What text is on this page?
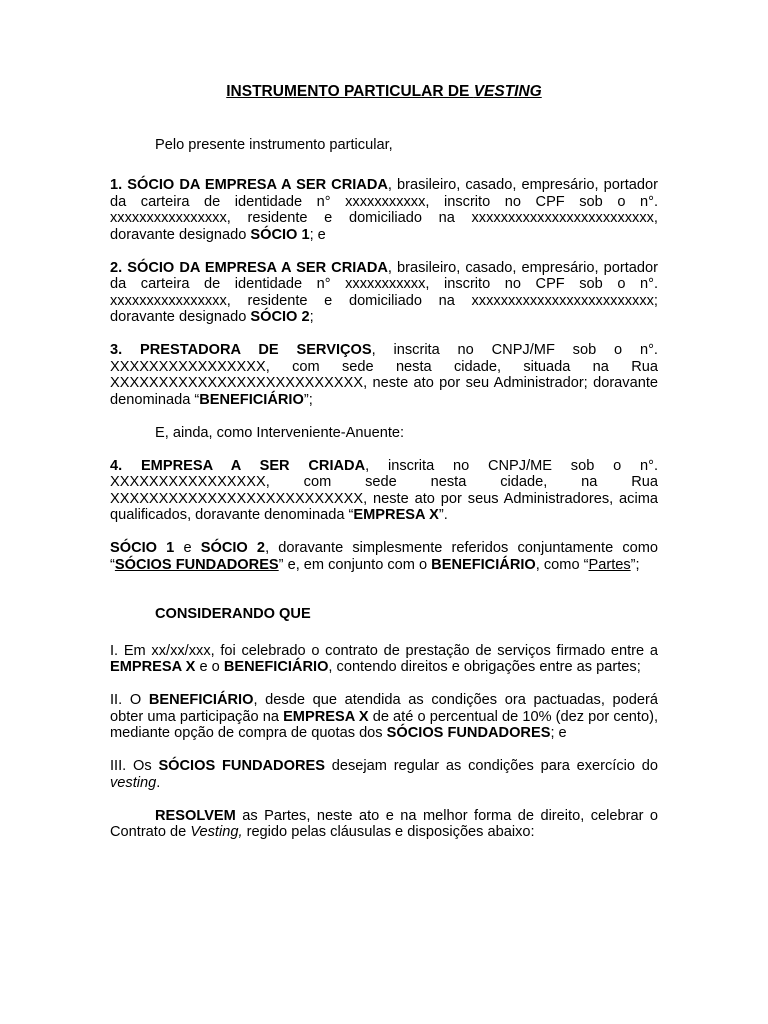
INSTRUMENTO PARTICULAR DE VESTING

Pelo presente instrumento particular,

1. SÓCIO DA EMPRESA A SER CRIADA, brasileiro, casado, empresário, portador da carteira de identidade n° xxxxxxxxxxx, inscrito no CPF sob o n°. xxxxxxxxxxxxxxxx, residente e domiciliado na xxxxxxxxxxxxxxxxxxxxxxxxx, doravante designado SÓCIO 1; e

2. SÓCIO DA EMPRESA A SER CRIADA, brasileiro, casado, empresário, portador da carteira de identidade n° xxxxxxxxxxx, inscrito no CPF sob o n°. xxxxxxxxxxxxxxxx, residente e domiciliado na xxxxxxxxxxxxxxxxxxxxxxxxx; doravante designado SÓCIO 2;

3. PRESTADORA DE SERVIÇOS, inscrita no CNPJ/MF sob o n°. XXXXXXXXXXXXXXXX, com sede nesta cidade, situada na Rua XXXXXXXXXXXXXXXXXXXXXXXXXX, neste ato por seu Administrador; doravante denominada “BENEFICIÁRIO”;

E, ainda, como Interveniente-Anuente:

4. EMPRESA A SER CRIADA, inscrita no CNPJ/ME sob o n°. XXXXXXXXXXXXXXXX, com sede nesta cidade, na Rua XXXXXXXXXXXXXXXXXXXXXXXXXX, neste ato por seus Administradores, acima qualificados, doravante denominada “EMPRESA X”.

SÓCIO 1 e SÓCIO 2, doravante simplesmente referidos conjuntamente como “SÓCIOS FUNDADORES” e, em conjunto com o BENEFICIÁRIO, como “Partes”;

CONSIDERANDO QUE

I. Em xx/xx/xxx, foi celebrado o contrato de prestação de serviços firmado entre a EMPRESA X e o BENEFICIÁRIO, contendo direitos e obrigações entre as partes;

II. O BENEFICIÁRIO, desde que atendida as condições ora pactuadas, poderá obter uma participação na EMPRESA X de até o percentual de 10% (dez por cento), mediante opção de compra de quotas dos SÓCIOS FUNDADORES; e

III. Os SÓCIOS FUNDADORES desejam regular as condições para exercício do vesting.

RESOLVEM as Partes, neste ato e na melhor forma de direito, celebrar o Contrato de Vesting, regido pelas cláusulas e disposições abaixo:
